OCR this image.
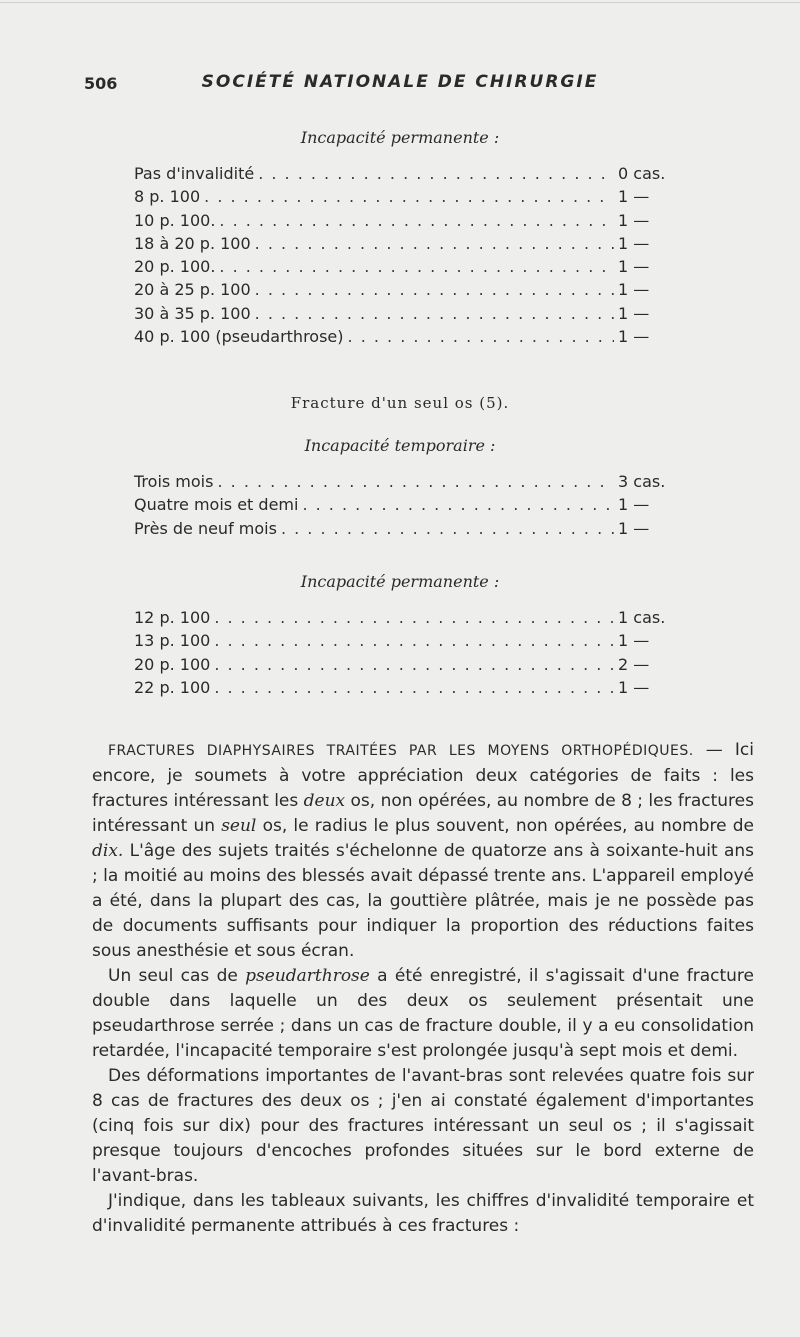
506	SOCIÉTÉ NATIONALE DE CHIRURGIE
Incapacité permanente :
Pas d'invalidité . . .	0 cas.
8 p. 100 . . .	1 —
10 p. 100. . . .	1 —
18 à 20 p. 100 . . .	1 —
20 p. 100. . . .	1 —
20 à 25 p. 100 . . .	1 —
30 à 35 p. 100 . . .	1 —
40 p. 100 (pseudarthrose) . . .	1 —
Fracture d'un seul os (5).
Incapacité temporaire :
Trois mois . . .	3 cas.
Quatre mois et demi . . .	1 —
Près de neuf mois . . .	1 —
Incapacité permanente :
12 p. 100 . . .	1 cas.
13 p. 100 . . .	1 —
20 p. 100 . . .	2 —
22 p. 100 . . .	1 —

FRACTURES DIAPHYSAIRES TRAITÉES PAR LES MOYENS ORTHOPÉDIQUES. — Ici encore, je soumets à votre appréciation deux catégories de faits : les fractures intéressant les deux os, non opérées, au nombre de 8 ; les fractures intéressant un seul os, le radius le plus souvent, non opérées, au nombre de dix. L'âge des sujets traités s'échelonne de quatorze ans à soixante-huit ans ; la moitié au moins des blessés avait dépassé trente ans. L'appareil employé a été, dans la plupart des cas, la gouttière plâtrée, mais je ne possède pas de documents suffisants pour indiquer la proportion des réductions faites sous anesthésie et sous écran.

Un seul cas de pseudarthrose a été enregistré, il s'agissait d'une fracture double dans laquelle un des deux os seulement présentait une pseudarthrose serrée ; dans un cas de fracture double, il y a eu consolidation retardée, l'incapacité temporaire s'est prolongée jusqu'à sept mois et demi.

Des déformations importantes de l'avant-bras sont relevées quatre fois sur 8 cas de fractures des deux os ; j'en ai constaté également d'importantes (cinq fois sur dix) pour des fractures intéressant un seul os ; il s'agissait presque toujours d'encoches profondes situées sur le bord externe de l'avant-bras.

J'indique, dans les tableaux suivants, les chiffres d'invalidité temporaire et d'invalidité permanente attribués à ces fractures :
